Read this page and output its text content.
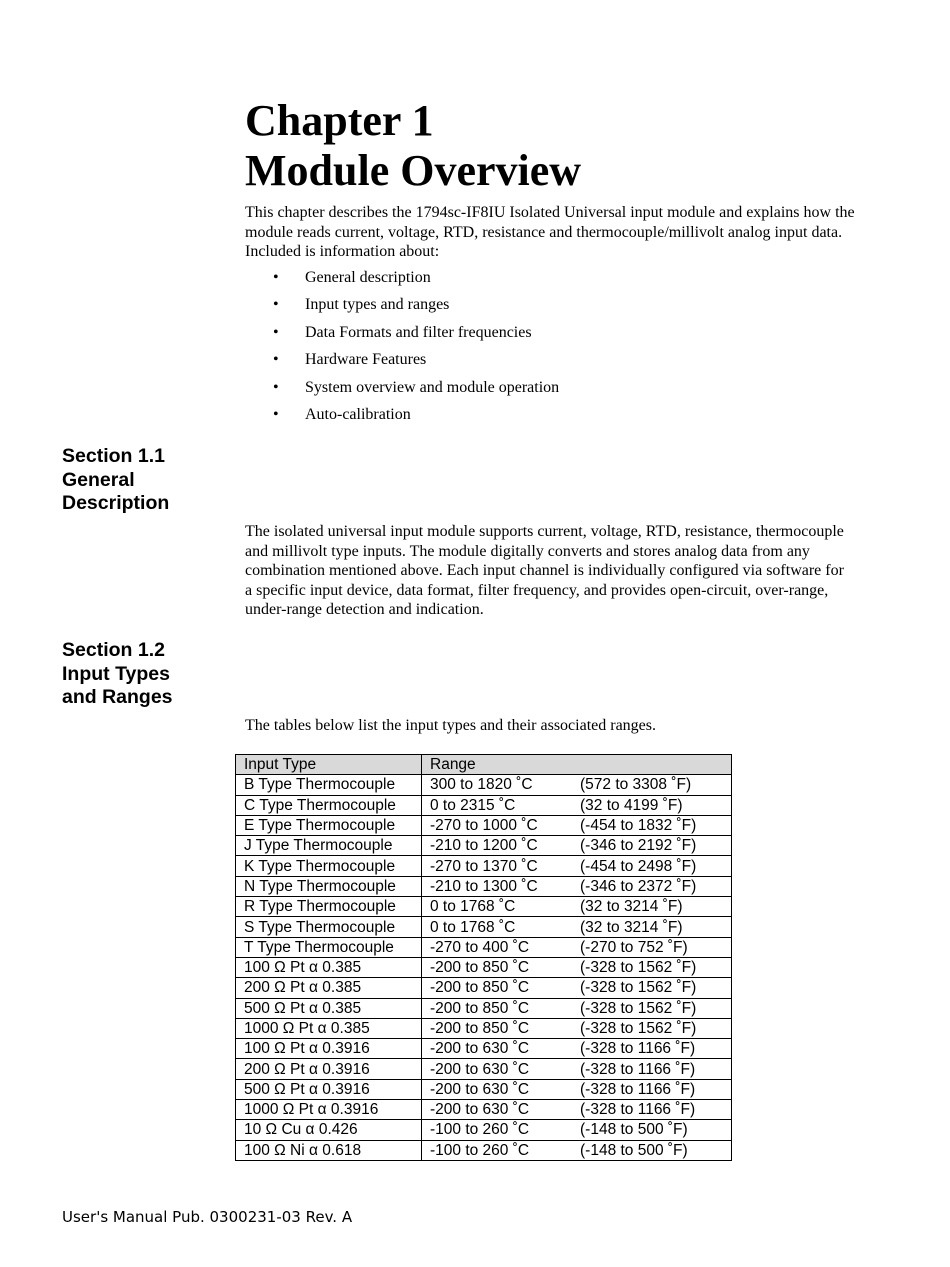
Chapter 1
Module Overview

This chapter describes the 1794sc-IF8IU Isolated Universal input module and explains how the module reads current, voltage, RTD, resistance and thermocouple/millivolt analog input data. Included is information about:

• General description
• Input types and ranges
• Data Formats and filter frequencies
• Hardware Features
• System overview and module operation
• Auto-calibration
Section 1.1
General
Description

The isolated universal input module supports current, voltage, RTD, resistance, thermocouple and millivolt type inputs. The module digitally converts and stores analog data from any combination mentioned above. Each input channel is individually configured via software for a specific input device, data format, filter frequency, and provides open-circuit, over-range, under-range detection and indication.

Section 1.2
Input Types
and Ranges

The tables below list the input types and their associated ranges.

Input Type	Range
B Type Thermocouple	300 to 1820 ˚C (572 to 3308 ˚F)
C Type Thermocouple	0 to 2315 ˚C (32 to 4199 ˚F)
E Type Thermocouple	-270 to 1000 ˚C (-454 to 1832 ˚F)
J Type Thermocouple	-210 to 1200 ˚C (-346 to 2192 ˚F)
K Type Thermocouple	-270 to 1370 ˚C (-454 to 2498 ˚F)
N Type Thermocouple	-210 to 1300 ˚C (-346 to 2372 ˚F)
R Type Thermocouple	0 to 1768 ˚C (32 to 3214 ˚F)
S Type Thermocouple	0 to 1768 ˚C (32 to 3214 ˚F)
T Type Thermocouple	-270 to 400 ˚C (-270 to 752 ˚F)
100 Ω Pt α 0.385	-200 to 850 ˚C (-328 to 1562 ˚F)
200 Ω Pt α 0.385	-200 to 850 ˚C (-328 to 1562 ˚F)
500 Ω Pt α 0.385	-200 to 850 ˚C (-328 to 1562 ˚F)
1000 Ω Pt α 0.385	-200 to 850 ˚C (-328 to 1562 ˚F)
100 Ω Pt α 0.3916	-200 to 630 ˚C (-328 to 1166 ˚F)
200 Ω Pt α 0.3916	-200 to 630 ˚C (-328 to 1166 ˚F)
500 Ω Pt α 0.3916	-200 to 630 ˚C (-328 to 1166 ˚F)
1000 Ω Pt α 0.3916	-200 to 630 ˚C (-328 to 1166 ˚F)
10 Ω Cu α 0.426	-100 to 260 ˚C (-148 to 500 ˚F)
100 Ω Ni α 0.618	-100 to 260 ˚C (-148 to 500 ˚F)

User's Manual Pub. 0300231-03 Rev. A
